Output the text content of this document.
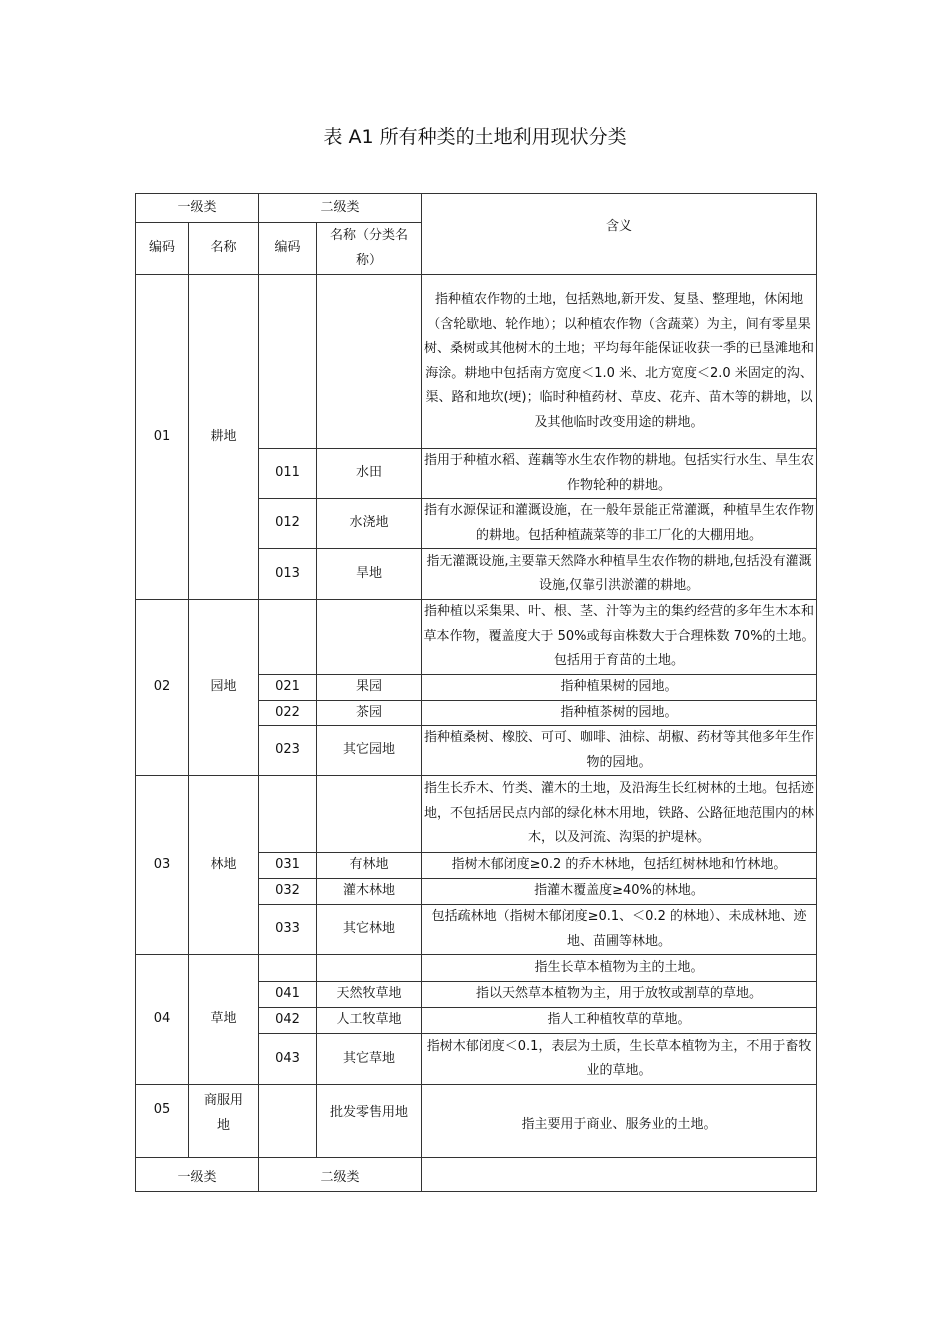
表 A1 所有种类的土地利用现状分类
一级类		二级类		含义
编码	名称	编码	名称（分类名称）	
01	耕地			指种植农作物的土地，包括熟地,新开发、复垦、整理地，休闲地（含轮歇地、轮作地）；以种植农作物（含蔬菜）为主，间有零星果树、桑树或其他树木的土地；平均每年能保证收获一季的已垦滩地和海涂。耕地中包括南方宽度＜1.0 米、北方宽度＜2.0 米固定的沟、渠、路和地坎(埂)；临时种植药材、草皮、花卉、苗木等的耕地，以及其他临时改变用途的耕地。
		011	水田	指用于种植水稻、莲藕等水生农作物的耕地。包括实行水生、旱生农作物轮种的耕地。
		012	水浇地	指有水源保证和灌溉设施，在一般年景能正常灌溉，种植旱生农作物的耕地。包括种植蔬菜等的非工厂化的大棚用地。
		013	旱地	指无灌溉设施,主要靠天然降水种植旱生农作物的耕地,包括没有灌溉设施,仅靠引洪淤灌的耕地。
02	园地			指种植以采集果、叶、根、茎、汁等为主的集约经营的多年生木本和草本作物，覆盖度大于 50%或每亩株数大于合理株数 70%的土地。包括用于育苗的土地。
		021	果园	指种植果树的园地。
		022	茶园	指种植茶树的园地。
		023	其它园地	指种植桑树、橡胶、可可、咖啡、油棕、胡椒、药材等其他多年生作物的园地。
03	林地			指生长乔木、竹类、灌木的土地，及沿海生长红树林的土地。包括迹地，不包括居民点内部的绿化林木用地，铁路、公路征地范围内的林木，以及河流、沟渠的护堤林。
		031	有林地	指树木郁闭度≥0.2 的乔木林地，包括红树林地和竹林地。
		032	灌木林地	指灌木覆盖度≥40%的林地。
		033	其它林地	包括疏林地（指树木郁闭度≥0.1、＜0.2 的林地）、未成林地、迹地、苗圃等林地。
04	草地			指生长草本植物为主的土地。
		041	天然牧草地	指以天然草本植物为主，用于放牧或割草的草地。
		042	人工牧草地	指人工种植牧草的草地。
		043	其它草地	指树木郁闭度＜0.1，表层为土质，生长草本植物为主，不用于畜牧业的草地。
05	商服用地		批发零售用地	指主要用于商业、服务业的土地。
一级类		二级类		
